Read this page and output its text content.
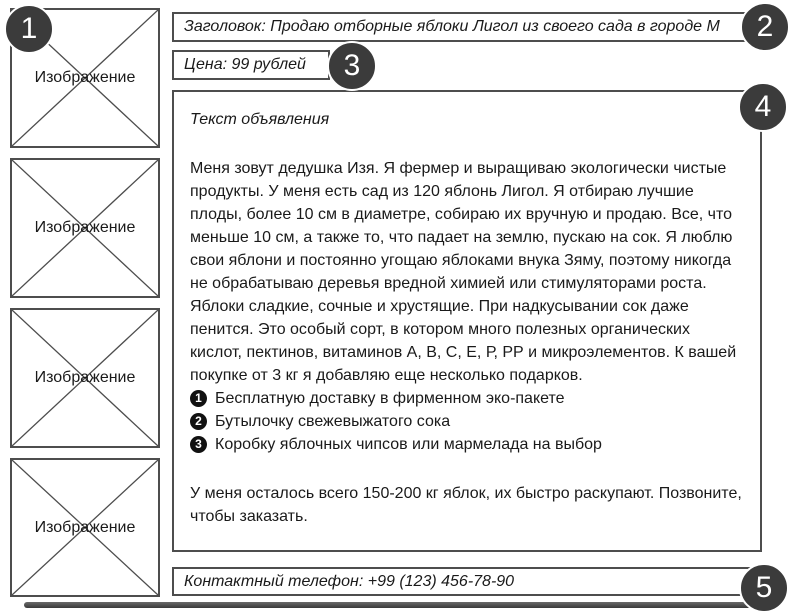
Изображение
Изображение
Изображение
Изображение
Заголовок: Продаю отборные яблоки Лигол из своего сада в городе М
Цена: 99 рублей
Текст объявления

Меня зовут дедушка Изя. Я фермер и выращиваю экологически чистые продукты. У меня есть сад из 120 яблонь Лигол. Я отбираю лучшие плоды, более 10 см в диаметре, собираю их вручную и продаю. Все, что меньше 10 см, а также то, что падает на землю, пускаю на сок. Я люблю свои яблони и постоянно угощаю яблоками внука Зяму, поэтому никогда не обрабатываю деревья вредной химией или стимуляторами роста.

Яблоки сладкие, сочные и хрустящие. При надкусывании сок даже пенится. Это особый сорт, в котором много полезных органических кислот, пектинов, витаминов А, В, С, Е, Р, РР и микроэлементов. К вашей покупке от 3 кг я добавляю еще несколько подарков.

1 Бесплатную доставку в фирменном эко-пакете
2 Бутылочку свежевыжатого сока
3 Коробку яблочных чипсов или мармелада на выбор

У меня осталось всего 150-200 кг яблок, их быстро раскупают. Позвоните, чтобы заказать.

Контактный телефон: +99 (123) 456-78-90
1	2
3
4
5
